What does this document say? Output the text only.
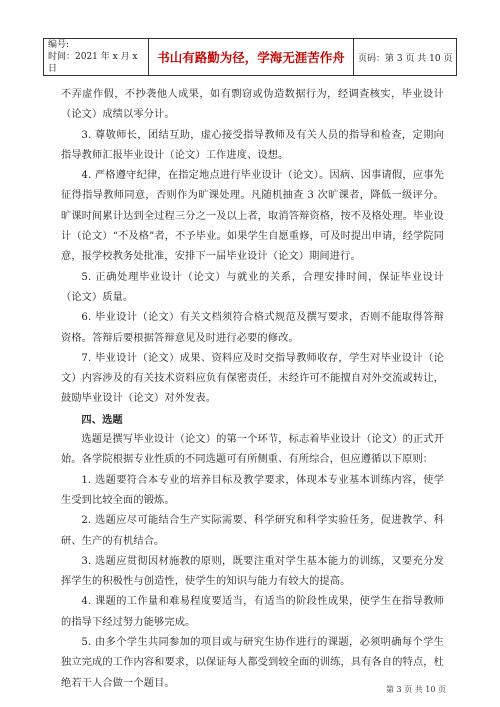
编号:
时间：2021 年 x 月 x 日
	书山有路勤为径，学海无涯苦作舟	页码：第 3 页 共 10 页

不弄虚作假，不抄袭他人成果，如有剽窃或伪造数据行为，经调查核实，毕业设计（论文）成绩以零分计。

3. 尊敬师长，团结互助，虚心接受指导教师及有关人员的指导和检查，定期向指导教师汇报毕业设计（论文）工作进度、设想。

4. 严格遵守纪律，在指定地点进行毕业设计（论文）。因病、因事请假，应事先征得指导教师同意，否则作为旷课处理。凡随机抽查 3 次旷课者，降低一级评分。旷课时间累计达到全过程三分之一及以上者，取消答辩资格，按不及格处理。毕业设计（论文）“不及格”者，不予毕业。如果学生自愿重修，可及时提出申请，经学院同意，报学校教务处批准，安排下一届毕业设计（论文）期间进行。

5. 正确处理毕业设计（论文）与就业的关系，合理安排时间，保证毕业设计（论文）质量。

6. 毕业设计（论文）有关文档须符合格式规范及撰写要求，否则不能取得答辩资格。答辩后要根据答辩意见及时进行必要的修改。

7. 毕业设计（论文）成果、资料应及时交指导教师收存，学生对毕业设计（论文）内容涉及的有关技术资料应负有保密责任，未经许可不能擅自对外交流或转让，鼓励毕业设计（论文）对外发表。

四、选题

选题是撰写毕业设计（论文）的第一个环节，标志着毕业设计（论文）的正式开始。各学院根据专业性质的不同选题可有所侧重、有所综合，但应遵循以下原则：

1. 选题要符合本专业的培养目标及教学要求，体现本专业基本训练内容，使学生受到比较全面的锻炼。

2. 选题应尽可能结合生产实际需要、科学研究和科学实验任务，促进教学、科研、生产的有机结合。

3. 选题应贯彻因材施教的原则，既要注重对学生基本能力的训练，又要充分发挥学生的积极性与创造性，使学生的知识与能力有较大的提高。

4. 课题的工作量和难易程度要适当，有适当的阶段性成果，使学生在指导教师的指导下经过努力能够完成。

5. 由多个学生共同参加的项目或与研究生协作进行的课题，必须明确每个学生独立完成的工作内容和要求，以保证每人都受到较全面的训练，具有各自的特点，杜绝若干人合做一个题目。

第 3 页 共 10 页
